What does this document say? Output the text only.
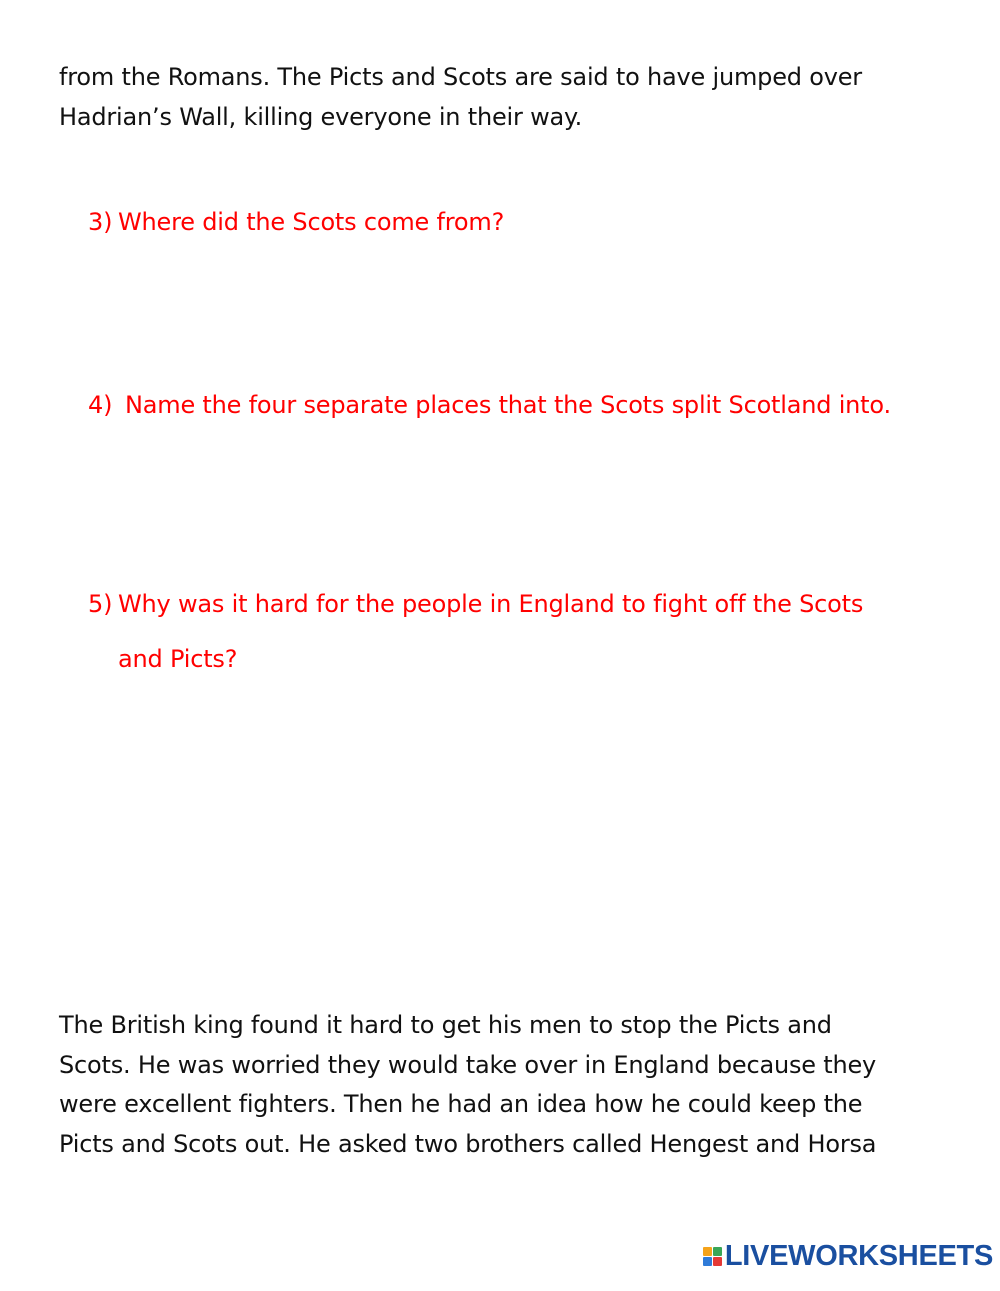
from the Romans. The Picts and Scots are said to have jumped over
Hadrian’s Wall, killing everyone in their way.
3) Where did the Scots come from?
4) Name the four separate places that the Scots split Scotland into.
5) Why was it hard for the people in England to fight off the Scots
and Picts?
The British king found it hard to get his men to stop the Picts and
Scots. He was worried they would take over in England because they
were excellent fighters. Then he had an idea how he could keep the
Picts and Scots out. He asked two brothers called Hengest and Horsa
LIVEWORKSHEETS
